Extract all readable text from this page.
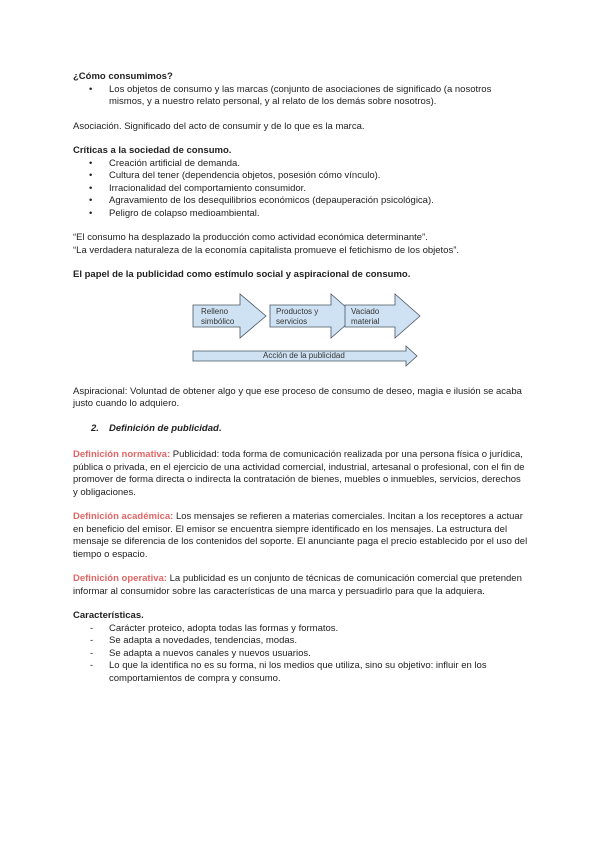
¿Cómo consumimos?

• Los objetos de consumo y las marcas (conjunto de asociaciones de significado (a nosotros mismos, y a nuestro relato personal, y al relato de los demás sobre nosotros).

Asociación. Significado del acto de consumir y de lo que es la marca.

Críticas a la sociedad de consumo.

• Creación artificial de demanda.
• Cultura del tener (dependencia objetos, posesión cómo vínculo).
• Irracionalidad del comportamiento consumidor.
• Agravamiento de los desequilibrios económicos (depauperación psicológica).
• Peligro de colapso medioambiental.

“El consumo ha desplazado la producción como actividad económica determinante”.

“La verdadera naturaleza de la economía capitalista promueve el fetichismo de los objetos”.

El papel de la publicidad como estímulo social y aspiracional de consumo.

Relleno
simbólico
Productos y
servicios
Vaciado
material
Acción de la publicidad

Aspiracional: Voluntad de obtener algo y que ese proceso de consumo de deseo, magia e ilusión se acaba justo cuando lo adquiero.

2. Definición de publicidad.

Definición normativa: Publicidad: toda forma de comunicación realizada por una persona física o jurídica, pública o privada, en el ejercicio de una actividad comercial, industrial, artesanal o profesional, con el fin de promover de forma directa o indirecta la contratación de bienes, muebles o inmuebles, servicios, derechos y obligaciones.

Definición académica: Los mensajes se refieren a materias comerciales. Incitan a los receptores a actuar en beneficio del emisor. El emisor se encuentra siempre identificado en los mensajes. La estructura del mensaje se diferencia de los contenidos del soporte. El anunciante paga el precio establecido por el uso del tiempo o espacio.

Definición operativa: La publicidad es un conjunto de técnicas de comunicación comercial que pretenden informar al consumidor sobre las características de una marca y persuadirlo para que la adquiera.

Características.

- Carácter proteico, adopta todas las formas y formatos.
- Se adapta a novedades, tendencias, modas.
- Se adapta a nuevos canales y nuevos usuarios.
- Lo que la identifica no es su forma, ni los medios que utiliza, sino su objetivo: influir en los comportamientos de compra y consumo.
